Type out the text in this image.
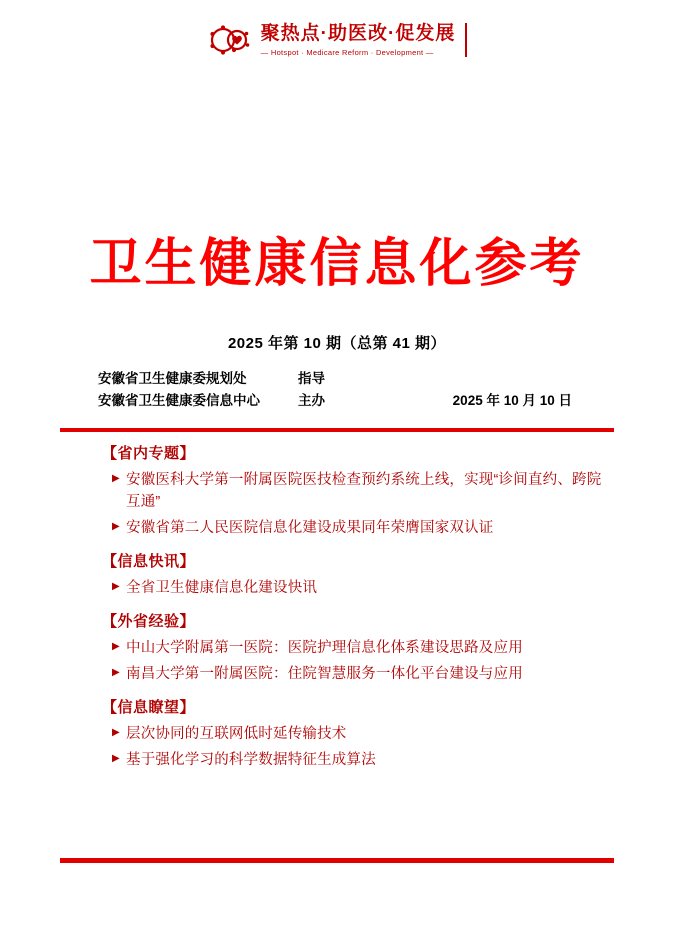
聚热点·助医改·促发展
— Hotspot · Medicare Reform · Development —
卫生健康信息化参考
2025 年第 10 期（总第 41 期）
安徽省卫生健康委规划处	指导
安徽省卫生健康委信息中心	主办	2025 年 10 月 10 日
【省内专题】
▶ 安徽医科大学第一附属医院医技检查预约系统上线，实现“诊间直约、跨院互通”
▶ 安徽省第二人民医院信息化建设成果同年荣膺国家双认证
【信息快讯】
▶ 全省卫生健康信息化建设快讯
【外省经验】
▶ 中山大学附属第一医院：医院护理信息化体系建设思路及应用
▶ 南昌大学第一附属医院：住院智慧服务一体化平台建设与应用
【信息瞭望】
▶ 层次协同的互联网低时延传输技术
▶ 基于强化学习的科学数据特征生成算法
